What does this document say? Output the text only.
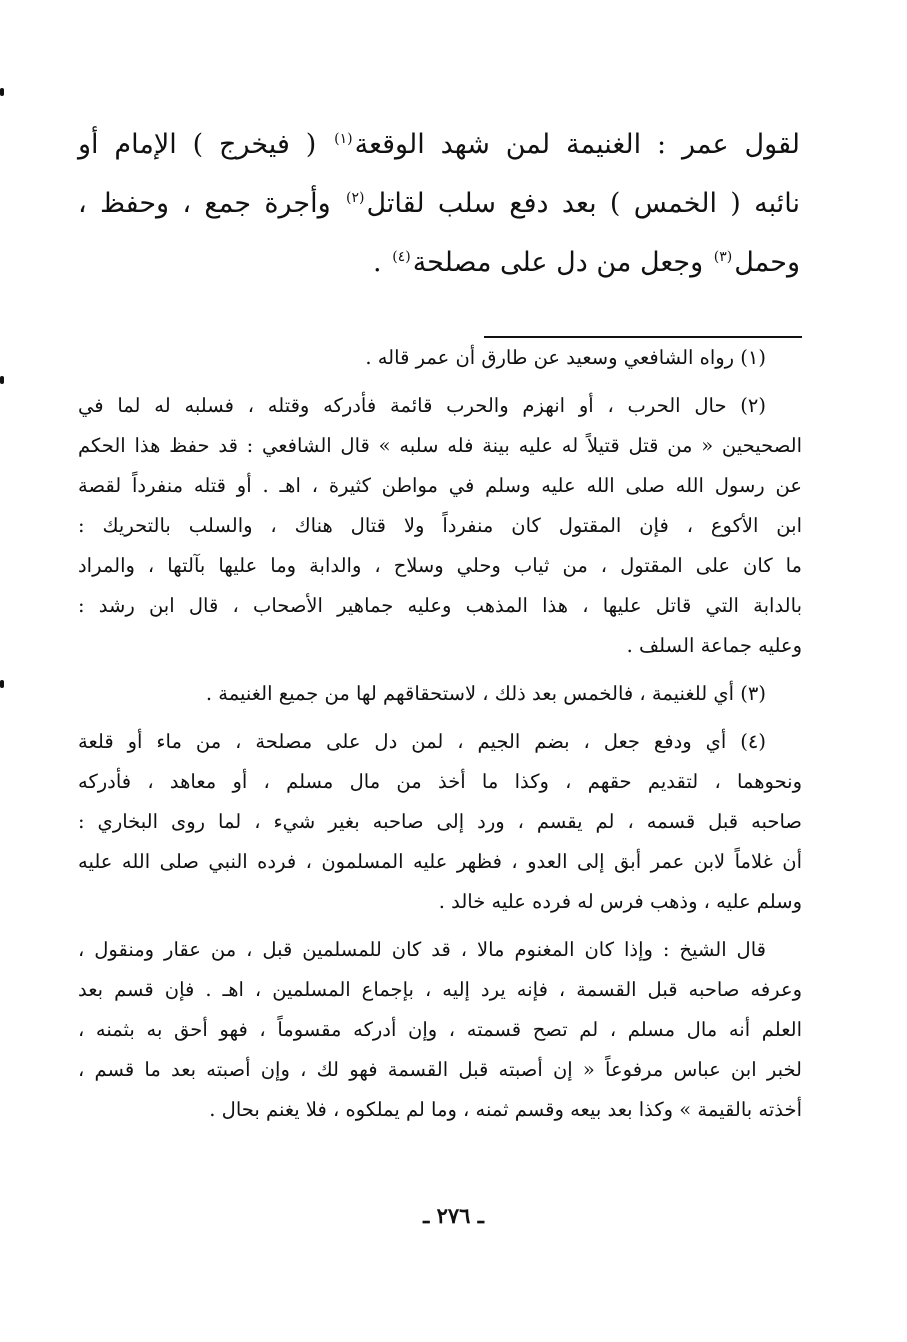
لقول عمر : الغنيمة لمن شهد الوقعة$^{(١)}$ ( فيخرج ) الإمام أو
نائبه ( الخمس ) بعد دفع سلب لقاتل$^{(٢)}$ وأجرة جمع ، وحفظ ،
وحمل$^{(٣)}$ وجعل من دل على مصلحة$^{(٤)}$ .
(١) رواه الشافعي وسعيد عن طارق أن عمر قاله .
(٢) حال الحرب ، أو انهزم والحرب قائمة فأدركه وقتله ، فسلبه له لما في
الصحيحين « من قتل قتيلاً له عليه بينة فله سلبه » قال الشافعي : قد حفظ هذا الحكم
عن رسول الله صلى الله عليه وسلم في مواطن كثيرة ، اهـ . أو قتله منفرداً لقصة
ابن الأكوع ، فإن المقتول كان منفرداً ولا قتال هناك ، والسلب بالتحريك :
ما كان على المقتول ، من ثياب وحلي وسلاح ، والدابة وما عليها بآلتها ، والمراد
بالدابة التي قاتل عليها ، هذا المذهب وعليه جماهير الأصحاب ، قال ابن رشد :
وعليه جماعة السلف .
(٣) أي للغنيمة ، فالخمس بعد ذلك ، لاستحقاقهم لها من جميع الغنيمة .
(٤) أي ودفع جعل ، بضم الجيم ، لمن دل على مصلحة ، من ماء أو قلعة
ونحوهما ، لتقديم حقهم ، وكذا ما أخذ من مال مسلم ، أو معاهد ، فأدركه
صاحبه قبل قسمه ، لم يقسم ، ورد إلى صاحبه بغير شيء ، لما روى البخاري :
أن غلاماً لابن عمر أبق إلى العدو ، فظهر عليه المسلمون ، فرده النبي صلى الله عليه
وسلم عليه ، وذهب فرس له فرده عليه خالد .
قال الشيخ : وإذا كان المغنوم مالا ، قد كان للمسلمين قبل ، من عقار ومنقول ،
وعرفه صاحبه قبل القسمة ، فإنه يرد إليه ، بإجماع المسلمين ، اهـ . فإن قسم بعد
العلم أنه مال مسلم ، لم تصح قسمته ، وإن أدركه مقسوماً ، فهو أحق به بثمنه ،
لخبر ابن عباس مرفوعاً « إن أصبته قبل القسمة فهو لك ، وإن أصبته بعد ما قسم ،
أخذته بالقيمة » وكذا بعد بيعه وقسم ثمنه ، وما لم يملكوه ، فلا يغنم بحال .
ـ ٢٧٦ ـ
